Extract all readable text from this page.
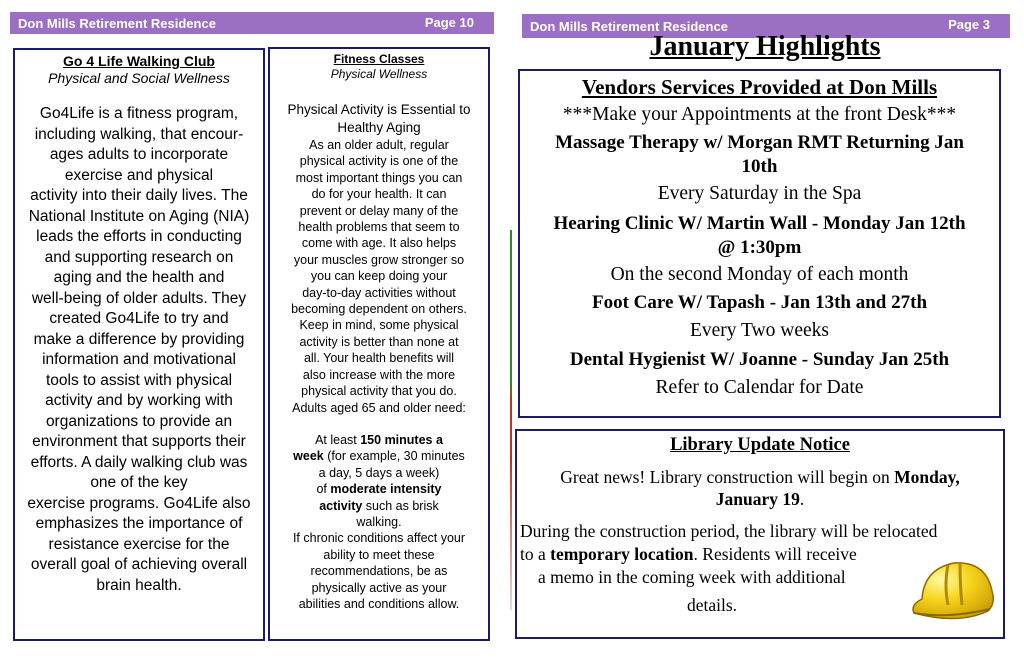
Don Mills Retirement Residence	Page 10
Go 4 Life Walking Club
Physical and Social Wellness
Go4Life is a fitness program,
including walking, that encour-
ages adults to incorporate
exercise and physical
activity into their daily lives. The
National Institute on Aging (NIA)
leads the efforts in conducting
and supporting research on
aging and the health and
well-being of older adults. They
created Go4Life to try and
make a difference by providing
information and motivational
tools to assist with physical
activity and by working with
organizations to provide an
environment that supports their
efforts. A daily walking club was
one of the key
exercise programs. Go4Life also
emphasizes the importance of
resistance exercise for the
overall goal of achieving overall
brain health.
Fitness Classes
Physical Wellness
Physical Activity is Essential to
Healthy Aging
As an older adult, regular
physical activity is one of the
most important things you can
do for your health. It can
prevent or delay many of the
health problems that seem to
come with age. It also helps
your muscles grow stronger so
you can keep doing your
day-to-day activities without
becoming dependent on others.
Keep in mind, some physical
activity is better than none at
all. Your health benefits will
also increase with the more
physical activity that you do.
Adults aged 65 and older need:
At least 150 minutes a
week (for example, 30 minutes
a day, 5 days a week)
of moderate intensity
activity such as brisk
walking.
If chronic conditions affect your
ability to meet these
recommendations, be as
physically active as your
abilities and conditions allow.
Don Mills Retirement Residence	Page 3
January Highlights
Vendors Services Provided at Don Mills
***Make your Appointments at the front Desk***
Massage Therapy w/ Morgan RMT Returning Jan
10th
Every Saturday in the Spa
Hearing Clinic W/ Martin Wall - Monday Jan 12th
@ 1:30pm
On the second Monday of each month
Foot Care W/ Tapash - Jan 13th and 27th
Every Two weeks
Dental Hygienist W/ Joanne - Sunday Jan 25th
Refer to Calendar for Date
Library Update Notice
Great news! Library construction will begin on Monday,
January 19.
During the construction period, the library will be relocated
to a temporary location. Residents will receive
a memo in the coming week with additional
details.
